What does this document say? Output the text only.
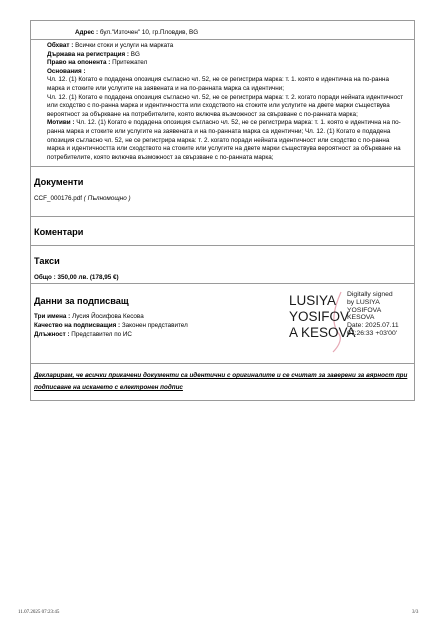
Адрес : бул."Източен" 10, гр.Пловдив, BG
Обхват : Всички стоки и услуги на марката
Държава на регистрация : BG
Право на опонента : Притежател
Основания :

Чл. 12. (1) Когато е подадена опозиция съгласно чл. 52, не се регистрира марка: т. 1. която е идентична на по-ранна марка и стоките или услугите на заявената и на по-ранната марка са идентични;

Чл. 12. (1) Когато е подадена опозиция съгласно чл. 52, не се регистрира марка: т. 2. когато поради нейната идентичност или сходство с по-ранна марка и идентичността или сходството на стоките или услугите на двете марки съществува вероятност за объркване на потребителите, която включва възможност за свързване с по-ранната марка;

Мотиви : Чл. 12. (1) Когато е подадена опозиция съгласно чл. 52, не се регистрира марка: т. 1. която е идентична на по-ранна марка и стоките или услугите на заявената и на по-ранната марка са идентични; Чл. 12. (1) Когато е подадена опозиция съгласно чл. 52, не се регистрира марка: т. 2. когато поради нейната идентичност или сходство с по-ранна марка и идентичността или сходството на стоките или услугите на двете марки съществува вероятност за объркване на потребителите, която включва възможност за свързване с по-ранната марка;

Документи
CCF_000176.pdf ( Пълномощно )
Коментари
Такси
Общо : 350,00 лв. (178,95 €)
Данни за подписващ
Три имена : Лусия Йосифова Кесова
Качество на подписващия : Законен представител
Длъжност : Представител по ИС
LUSIYA
YOSIFOV
A KESOVA
Digitally signed
by LUSIYA
YOSIFOVA
KESOVA
Date: 2025.07.11
07:26:33 +03'00'
Декларирам, че всички прикачени документи са идентични с оригиналите и се считат за заверени за вярност при подписване на искането с електронен подпис
11.07.2025 07:23:45	3/3
